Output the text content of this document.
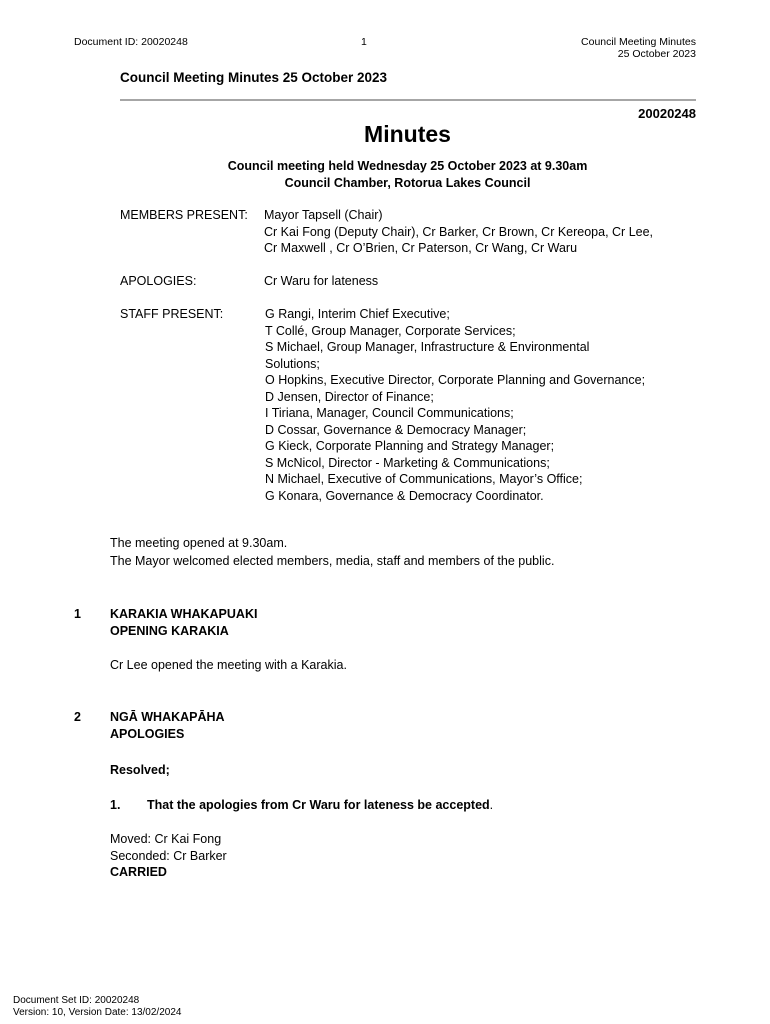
Document ID: 20020248	1	Council Meeting Minutes
25 October 2023
Council Meeting Minutes 25 October 2023
20020248
Minutes
Council meeting held Wednesday 25 October 2023 at 9.30am
Council Chamber, Rotorua Lakes Council
MEMBERS PRESENT: Mayor Tapsell (Chair)
Cr Kai Fong (Deputy Chair), Cr Barker, Cr Brown, Cr Kereopa, Cr Lee,
Cr Maxwell , Cr O’Brien, Cr Paterson, Cr Wang, Cr Waru
APOLOGIES:	Cr Waru for lateness
STAFF PRESENT:	G Rangi, Interim Chief Executive;
T Collé, Group Manager, Corporate Services;
S Michael, Group Manager, Infrastructure & Environmental
Solutions;
O Hopkins, Executive Director, Corporate Planning and Governance;
D Jensen, Director of Finance;
I Tiriana, Manager, Council Communications;
D Cossar, Governance & Democracy Manager;
G Kieck, Corporate Planning and Strategy Manager;
S McNicol, Director - Marketing & Communications;
N Michael, Executive of Communications, Mayor’s Office;
G Konara, Governance & Democracy Coordinator.
The meeting opened at 9.30am.
The Mayor welcomed elected members, media, staff and members of the public.
1 KARAKIA WHAKAPUAKI
OPENING KARAKIA
Cr Lee opened the meeting with a Karakia.
2 NGĀ WHAKAPĀHA
APOLOGIES
Resolved;
1. That the apologies from Cr Waru for lateness be accepted.
Moved: Cr Kai Fong
Seconded: Cr Barker
CARRIED
Document Set ID: 20020248
Version: 10, Version Date: 13/02/2024
